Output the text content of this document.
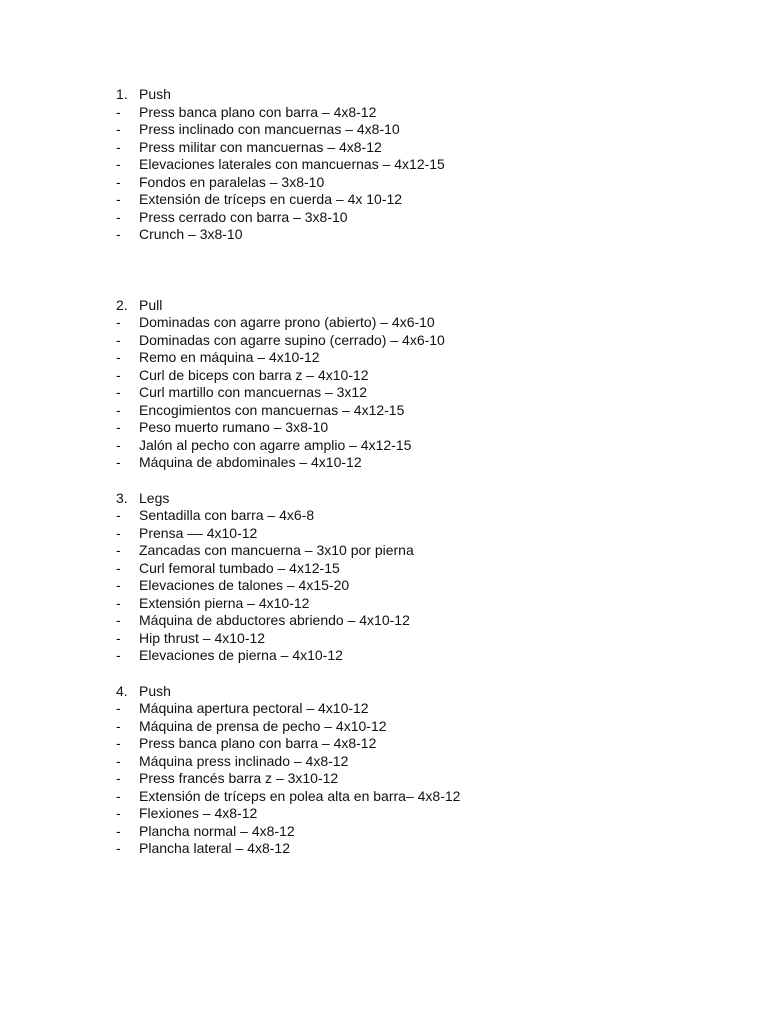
1. Push
- Press banca plano con barra – 4x8-12
- Press inclinado con mancuernas – 4x8-10
- Press militar con mancuernas – 4x8-12
- Elevaciones laterales con mancuernas – 4x12-15
- Fondos en paralelas – 3x8-10
- Extensión de tríceps en cuerda – 4x 10-12
- Press cerrado con barra – 3x8-10
- Crunch – 3x8-10
2. Pull
- Dominadas con agarre prono (abierto) – 4x6-10
- Dominadas con agarre supino (cerrado) – 4x6-10
- Remo en máquina – 4x10-12
- Curl de biceps con barra z – 4x10-12
- Curl martillo con mancuernas – 3x12
- Encogimientos con mancuernas – 4x12-15
- Peso muerto rumano – 3x8-10
- Jalón al pecho con agarre amplio – 4x12-15
- Máquina de abdominales – 4x10-12
3. Legs
- Sentadilla con barra – 4x6-8
- Prensa –– 4x10-12
- Zancadas con mancuerna – 3x10 por pierna
- Curl femoral tumbado – 4x12-15
- Elevaciones de talones – 4x15-20
- Extensión pierna – 4x10-12
- Máquina de abductores abriendo – 4x10-12
- Hip thrust – 4x10-12
- Elevaciones de pierna – 4x10-12
4. Push
- Máquina apertura pectoral – 4x10-12
- Máquina de prensa de pecho – 4x10-12
- Press banca plano con barra – 4x8-12
- Máquina press inclinado – 4x8-12
- Press francés barra z – 3x10-12
- Extensión de tríceps en polea alta en barra– 4x8-12
- Flexiones – 4x8-12
- Plancha normal – 4x8-12
- Plancha lateral – 4x8-12
